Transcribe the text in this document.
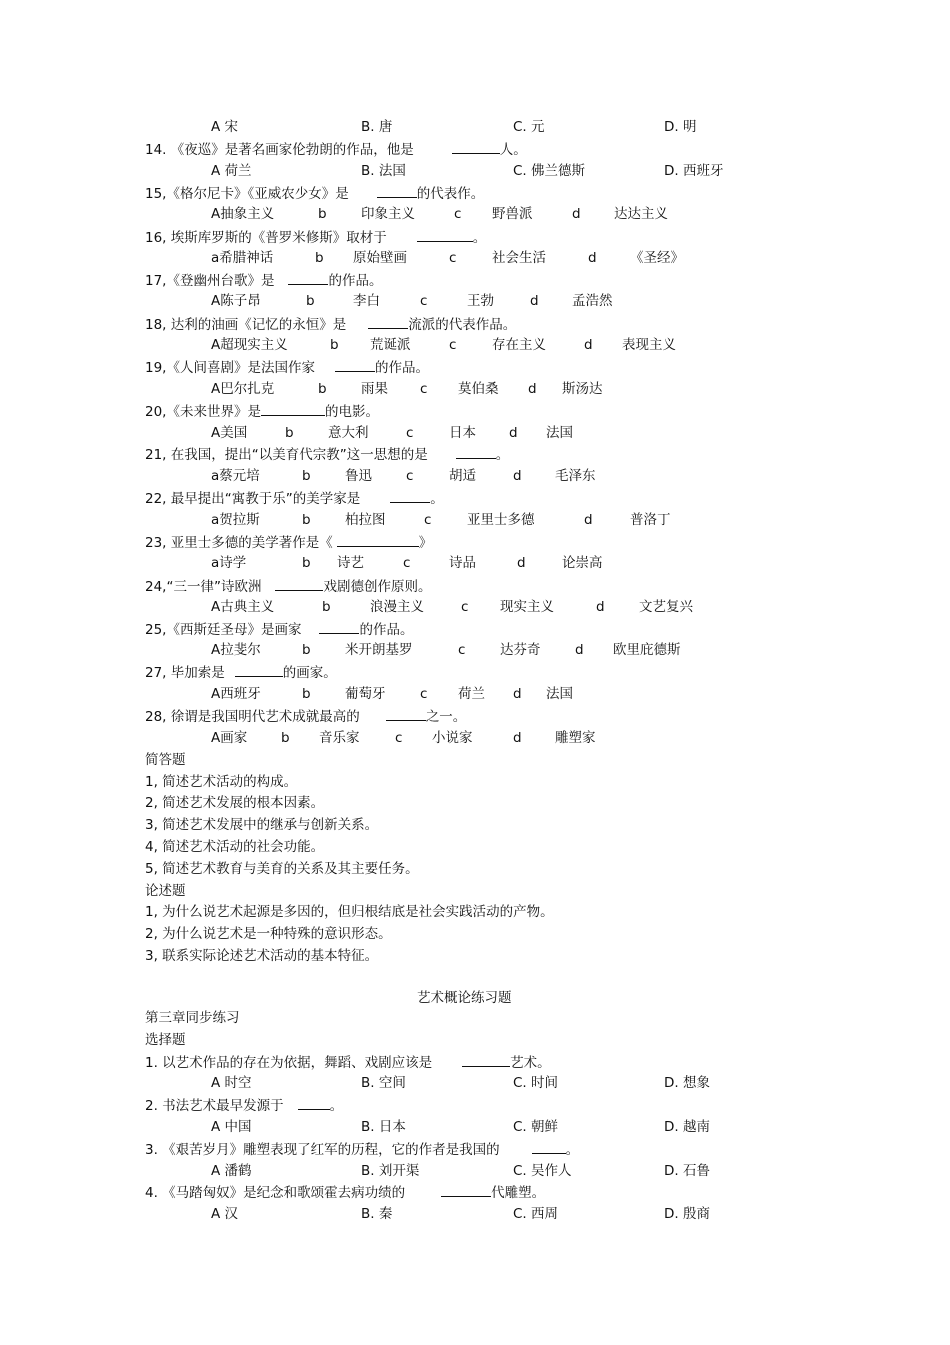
A 宋	B. 唐	C. 元	D. 明
14. 《夜巡》是著名画家伦勃朗的作品，他是	人。
A 荷兰	B. 法国	C. 佛兰德斯	D. 西班牙
15,《格尔尼卡》《亚威农少女》是	的代表作。
A抽象主义	b	印象主义	c 野兽派	d 达达主义
16, 埃斯库罗斯的《普罗米修斯》取材于	。
a希腊神话	b 原始壁画	c	社会生活	d 《圣经》
17,《登幽州台歌》是	的作品。
A陈子昂	b	李白	c	王勃	d 孟浩然
18, 达利的油画《记忆的永恒》是	流派的代表作品。
A超现实主义	b 荒诞派	c	存在主义	d 表现主义
19,《人间喜剧》是法国作家	的作品。
A巴尔扎克	b	雨果 c 莫伯桑 d 斯汤达
20,《未来世界》是	的电影。
A美国	b	意大利	c	日本 d 法国
21, 在我国，提出“以美育代宗教”这一思想的是	。
a蔡元培	b	鲁迅	c	胡适	d 毛泽东
22, 最早提出“寓教于乐”的美学家是	。
a贺拉斯	b	柏拉图	c	亚里士多德	d	普洛丁
23, 亚里士多德的美学著作是《	》
a诗学	b 诗艺	c	诗品	d	论崇高
24,“三一律”诗欧洲	戏剧德创作原则。
A古典主义	b	浪漫主义	c 现实主义	d	文艺复兴
25,《西斯廷圣母》是画家	的作品。
A拉斐尔	b	米开朗基罗	c	达芬奇	d 欧里庇德斯
27, 毕加索是	的画家。
A西班牙	b	葡萄牙	c 荷兰 d 法国
28, 徐谓是我国明代艺术成就最高的	之一。
A画家	b 音乐家	c 小说家	d 雕塑家
简答题
1, 简述艺术活动的构成。
2, 简述艺术发展的根本因素。
3, 简述艺术发展中的继承与创新关系。
4, 简述艺术活动的社会功能。
5, 简述艺术教育与美育的关系及其主要任务。
论述题
1, 为什么说艺术起源是多因的，但归根结底是社会实践活动的产物。
2, 为什么说艺术是一种特殊的意识形态。
3, 联系实际论述艺术活动的基本特征。
艺术概论练习题
第三章同步练习
选择题
1. 以艺术作品的存在为依据，舞蹈、戏剧应该是	艺术。
A 时空	B. 空间	C. 时间	D. 想象
2. 书法艺术最早发源于	。
A 中国	B. 日本	C. 朝鲜	D. 越南
3. 《艰苦岁月》雕塑表现了红军的历程，它的作者是我国的	。
A 潘鹤	B. 刘开渠	C. 吴作人	D. 石鲁
4. 《马踏匈奴》是纪念和歌颂霍去病功绩的	代雕塑。
A 汉	B. 秦	C. 西周	D. 殷商
